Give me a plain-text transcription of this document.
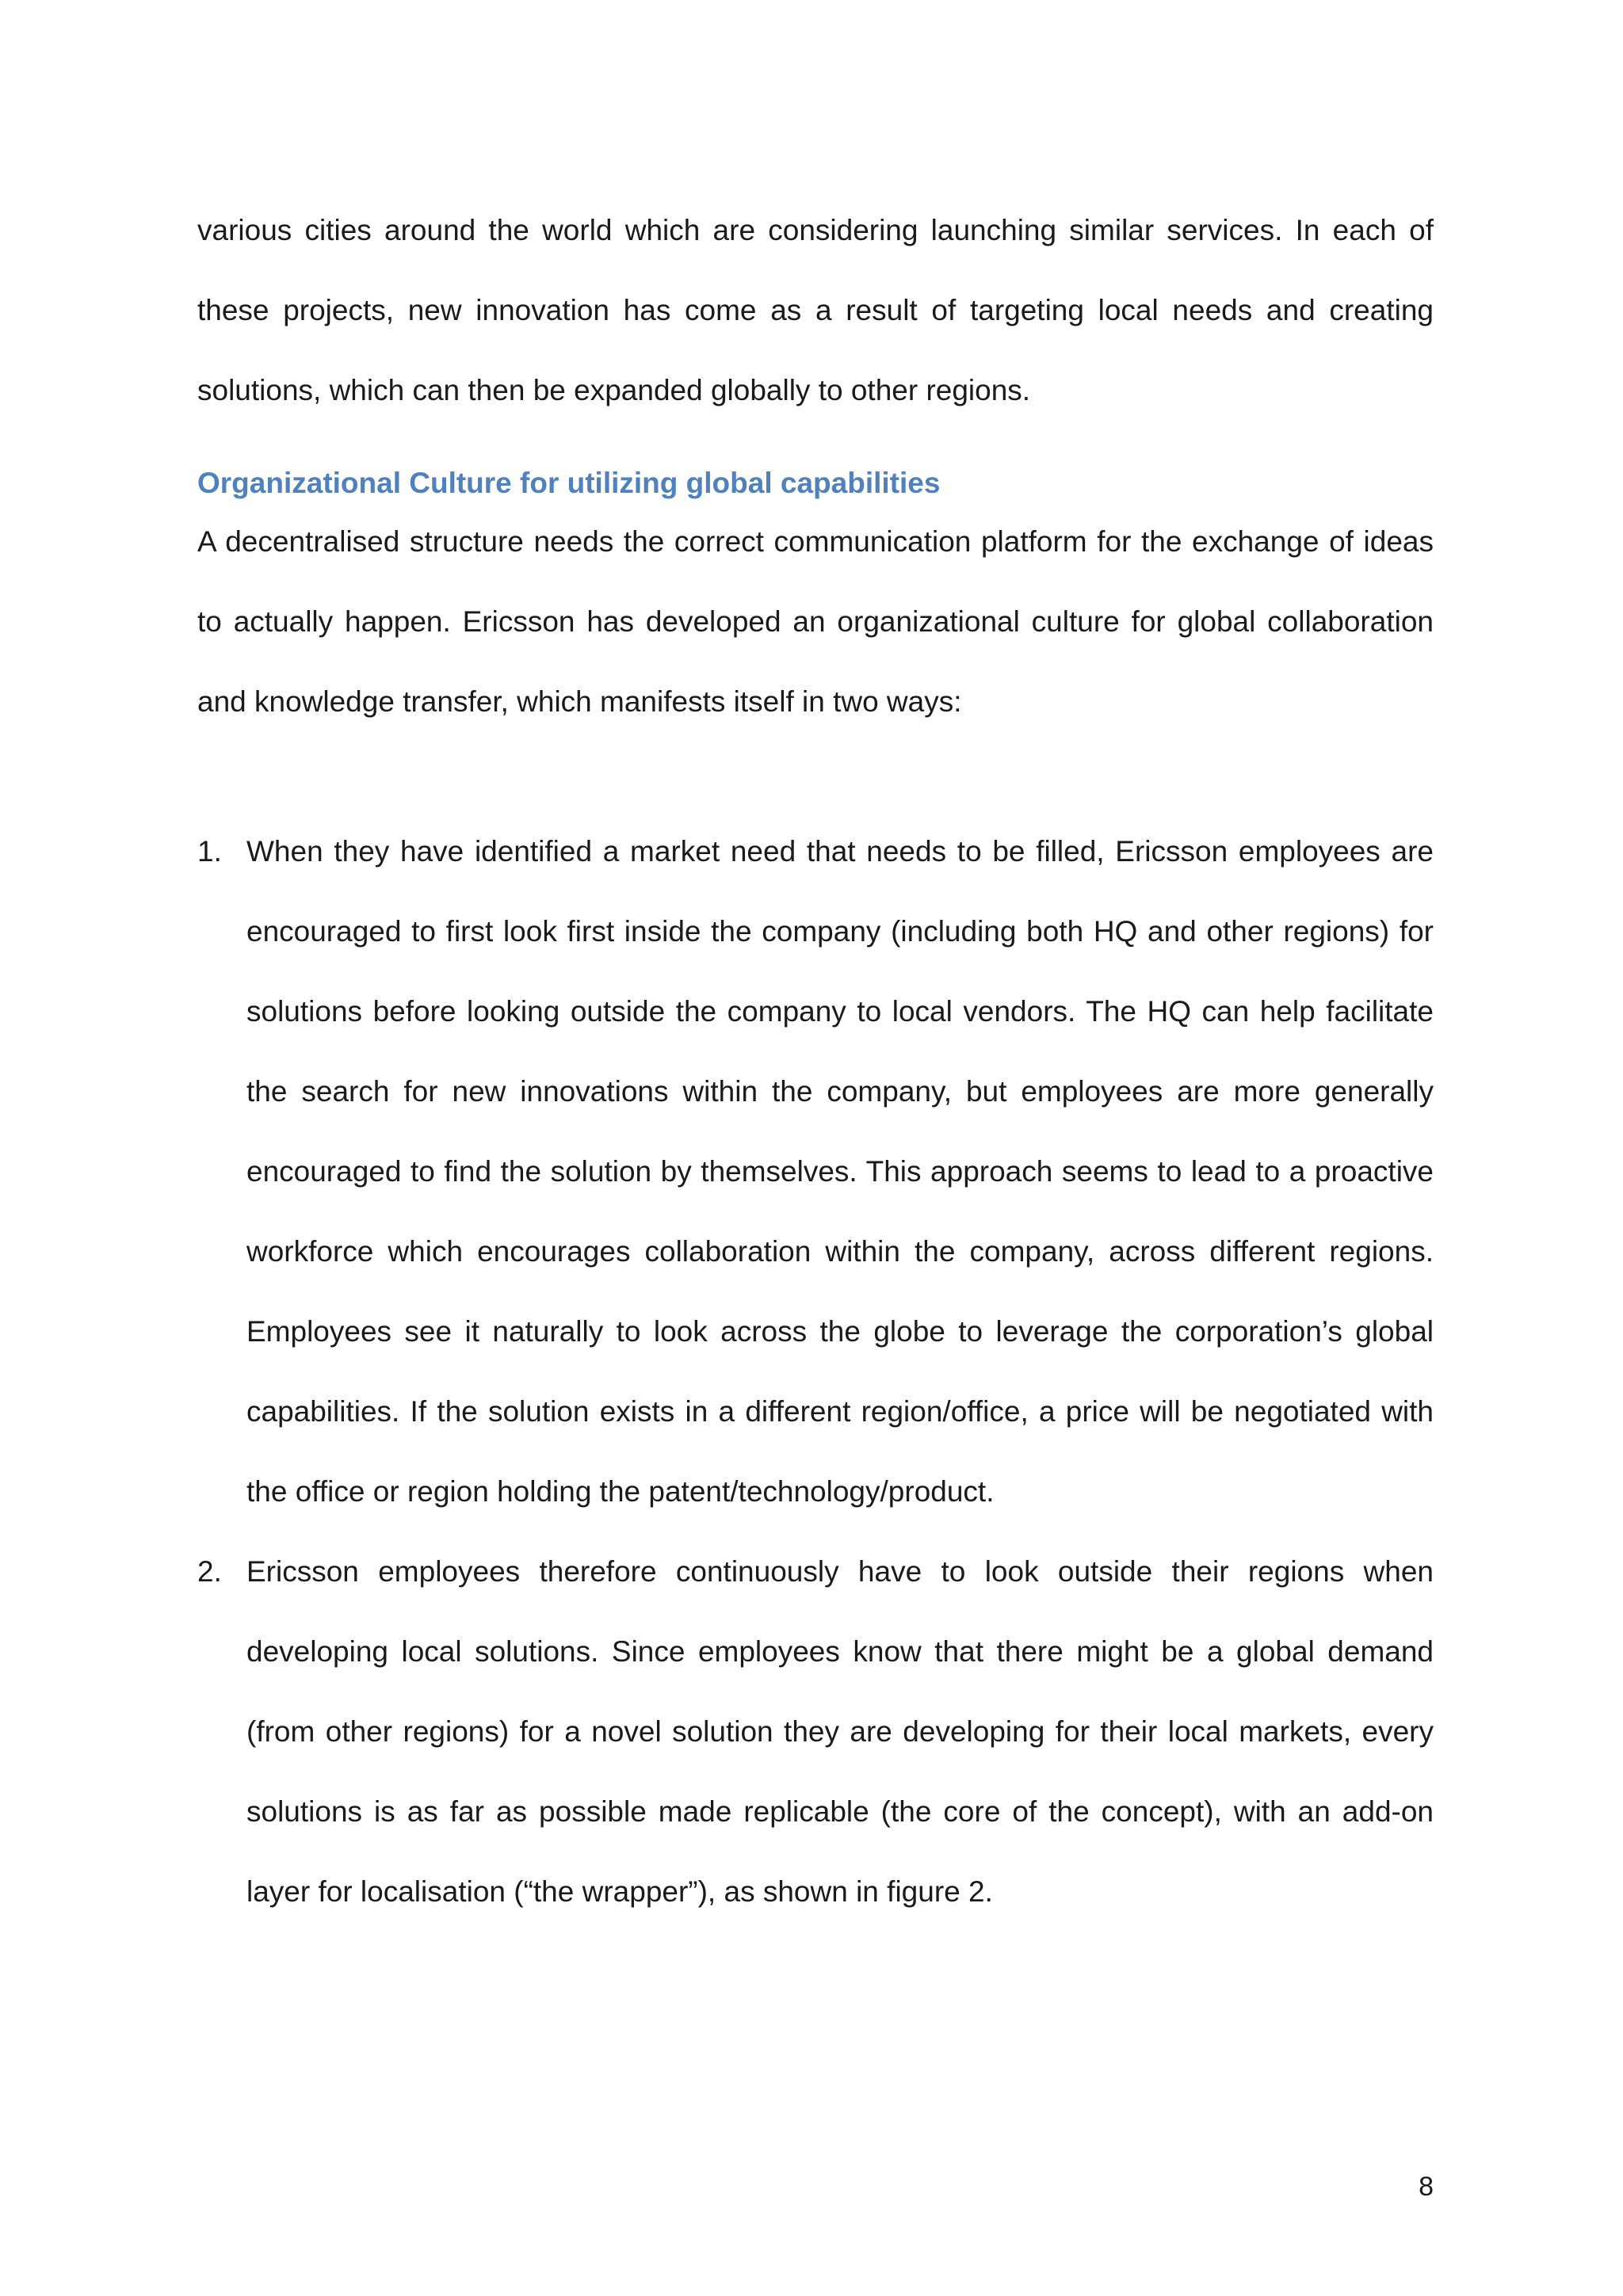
various cities around the world which are considering launching similar services. In each of these projects, new innovation has come as a result of targeting local needs and creating solutions, which can then be expanded globally to other regions.

Organizational Culture for utilizing global capabilities

A decentralised structure needs the correct communication platform for the exchange of ideas to actually happen. Ericsson has developed an organizational culture for global collaboration and knowledge transfer, which manifests itself in two ways:

1. When they have identified a market need that needs to be filled, Ericsson employees are encouraged to first look first inside the company (including both HQ and other regions) for solutions before looking outside the company to local vendors. The HQ can help facilitate the search for new innovations within the company, but employees are more generally encouraged to find the solution by themselves. This approach seems to lead to a proactive workforce which encourages collaboration within the company, across different regions. Employees see it naturally to look across the globe to leverage the corporation’s global capabilities. If the solution exists in a different region/office, a price will be negotiated with the office or region holding the patent/technology/product.
2. Ericsson employees therefore continuously have to look outside their regions when developing local solutions. Since employees know that there might be a global demand (from other regions) for a novel solution they are developing for their local markets, every solutions is as far as possible made replicable (the core of the concept), with an add-on layer for localisation (“the wrapper”), as shown in figure 2.
8
